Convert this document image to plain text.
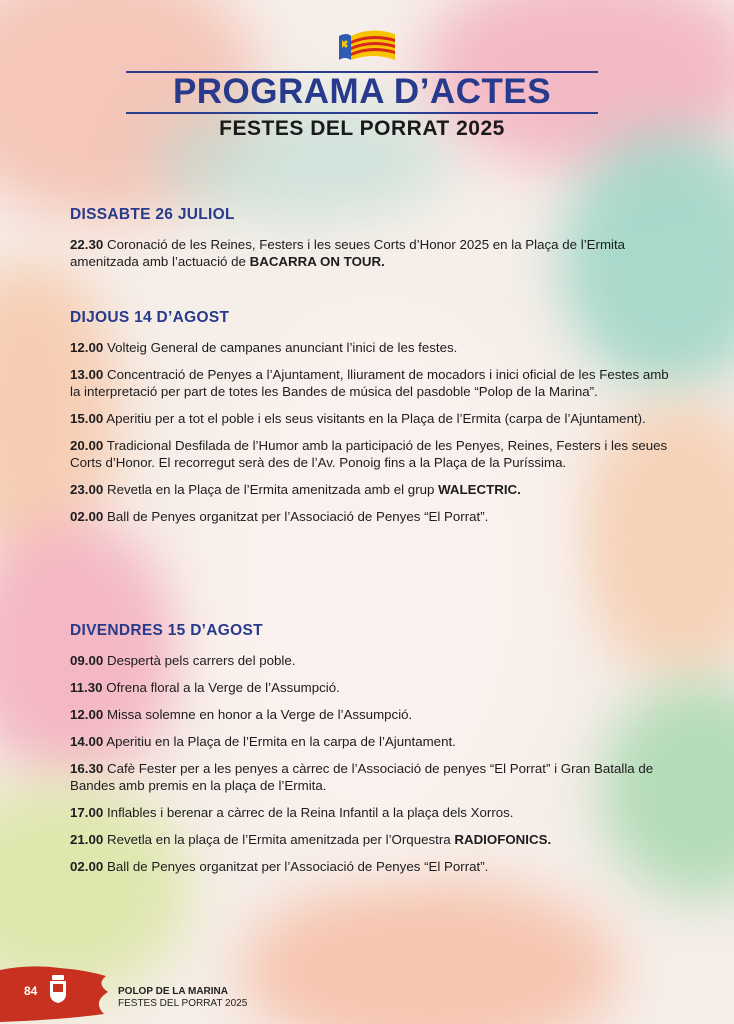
PROGRAMA D’ACTES
FESTES DEL PORRAT 2025
DISSABTE 26 JULIOL

22.30 Coronació de les Reines, Festers i les seues Corts d’Honor 2025 en la Plaça de l’Ermita amenitzada amb l’actuació de BACARRA ON TOUR.

DIJOUS 14 D’AGOST

12.00 Volteig General de campanes anunciant l’inici de les festes.

13.00 Concentració de Penyes a l’Ajuntament, lliurament de mocadors i inici oficial de les Festes amb la interpretació per part de totes les Bandes de música del pasdoble “Polop de la Marina”.

15.00 Aperitiu per a tot el poble i els seus visitants en la Plaça de l’Ermita (carpa de l’Ajuntament).

20.00 Tradicional Desfilada de l’Humor amb la participació de les Penyes, Reines, Festers i les seues Corts d’Honor. El recorregut serà des de l’Av. Ponoig fins a la Plaça de la Puríssima.

23.00 Revetla en la Plaça de l’Ermita amenitzada amb el grup WALECTRIC.

02.00 Ball de Penyes organitzat per l’Associació de Penyes “El Porrat”.

DIVENDRES 15 D’AGOST

09.00 Despertà pels carrers del poble.

11.30 Ofrena floral a la Verge de l’Assumpció.

12.00 Missa solemne en honor a la Verge de l’Assumpció.

14.00 Aperitiu en la Plaça de l’Ermita en la carpa de l’Ajuntament.

16.30 Cafè Fester per a les penyes a càrrec de l’Associació de penyes “El Porrat” i Gran Batalla de Bandes amb premis en la plaça de l’Ermita.

17.00 Inflables i berenar a càrrec de la Reina Infantil a la plaça dels Xorros.

21.00 Revetla en la plaça de l’Ermita amenitzada per l’Orquestra RADIOFONICS.

02.00 Ball de Penyes organitzat per l’Associació de Penyes “El Porrat”.

84	POLOP DE LA MARINA
FESTES DEL PORRAT 2025
